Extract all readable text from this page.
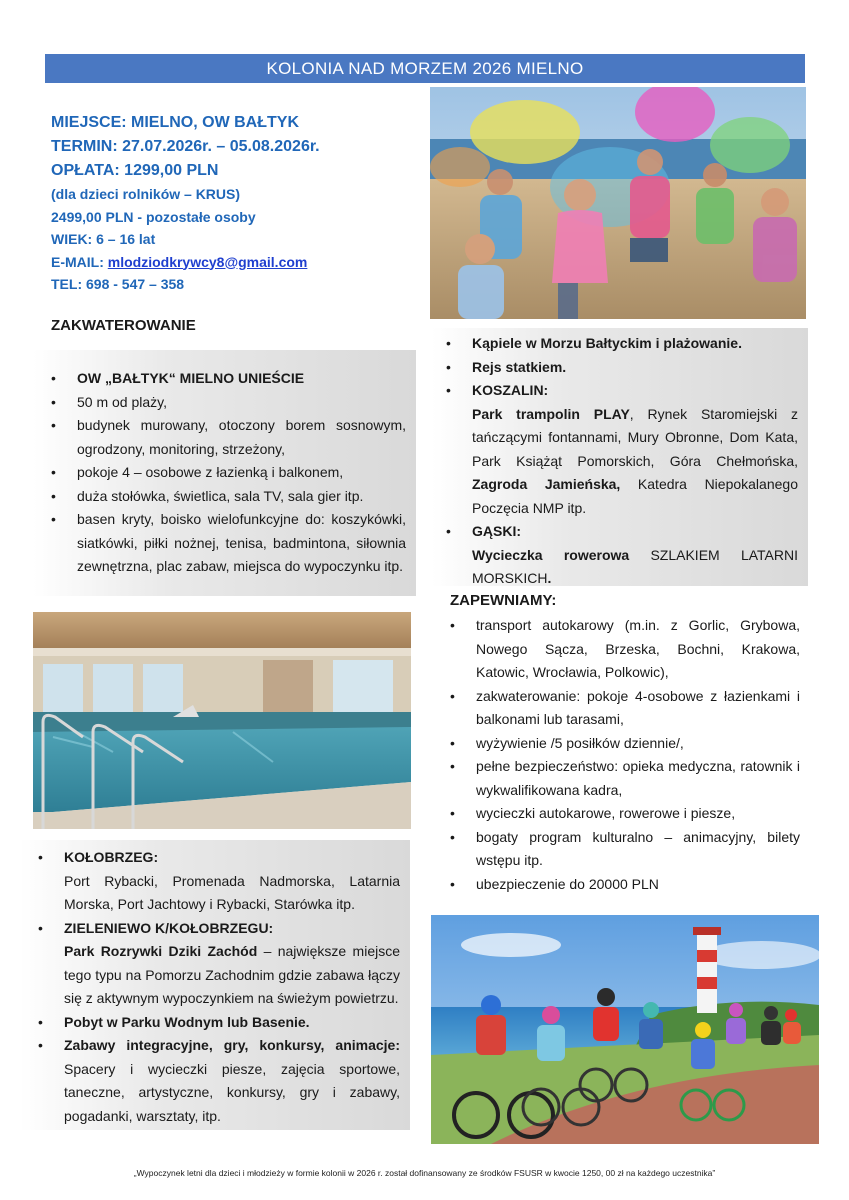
KOLONIA NAD MORZEM 2026 MIELNO
MIEJSCE: MIELNO, OW BAŁTYK
TERMIN: 27.07.2026r. – 05.08.2026r.
OPŁATA: 1299,00 PLN
(dla dzieci rolników – KRUS)
2499,00 PLN - pozostałe osoby
WIEK: 6 – 16 lat
E-MAIL: mlodziodkrywcy8@gmail.com
TEL: 698 - 547 – 358
ZAKWATEROWANIE
• OW „BAŁTYK“ MIELNO UNIEŚCIE
• 50 m od plaży,
• budynek murowany, otoczony borem sosnowym, ogrodzony, monitoring, strzeżony,
• pokoje 4 – osobowe z łazienką i balkonem,
• duża stołówka, świetlica, sala TV, sala gier itp.
• basen kryty, boisko wielofunkcyjne do: koszykówki, siatkówki, piłki nożnej, tenisa, badmintona, siłownia zewnętrzna, plac zabaw, miejsca do wypoczynku itp.
• Kąpiele w Morzu Bałtyckim i plażowanie.
• Rejs statkiem.
• KOSZALIN:
Park trampolin PLAY, Rynek Staromiejski z tańczącymi fontannami, Mury Obronne, Dom Kata, Park Książąt Pomorskich, Góra Chełmońska, Zagroda Jamieńska, Katedra Niepokalanego Poczęcia NMP itp.
• GĄSKI:
Wycieczka rowerowa SZLAKIEM LATARNI MORSKICH.
ZAPEWNIAMY:
• transport autokarowy (m.in. z Gorlic, Grybowa, Nowego Sącza, Brzeska, Bochni, Krakowa, Katowic, Wrocławia, Polkowic),
• zakwaterowanie: pokoje 4-osobowe z łazienkami i balkonami lub tarasami,
• wyżywienie /5 posiłków dziennie/,
• pełne bezpieczeństwo: opieka medyczna, ratownik i wykwalifikowana kadra,
• wycieczki autokarowe, rowerowe i piesze,
• bogaty program kulturalno – animacyjny, bilety wstępu itp.
• ubezpieczenie do 20000 PLN
• KOŁOBRZEG:
Port Rybacki, Promenada Nadmorska, Latarnia Morska, Port Jachtowy i Rybacki, Starówka itp.
• ZIELENIEWO K/KOŁOBRZEGU:
Park Rozrywki Dziki Zachód – największe miejsce tego typu na Pomorzu Zachodnim gdzie zabawa łączy się z aktywnym wypoczynkiem na świeżym powietrzu.
• Pobyt w Parku Wodnym lub Basenie.
• Zabawy integracyjne, gry, konkursy, animacje: Spacery i wycieczki piesze, zajęcia sportowe, taneczne, artystyczne, konkursy, gry i zabawy, pogadanki, warsztaty, itp.
„Wypoczynek letni dla dzieci i młodzieży w formie kolonii w 2026 r. został dofinansowany ze środków FSUSR w kwocie 1250, 00 zł na każdego uczestnika”
